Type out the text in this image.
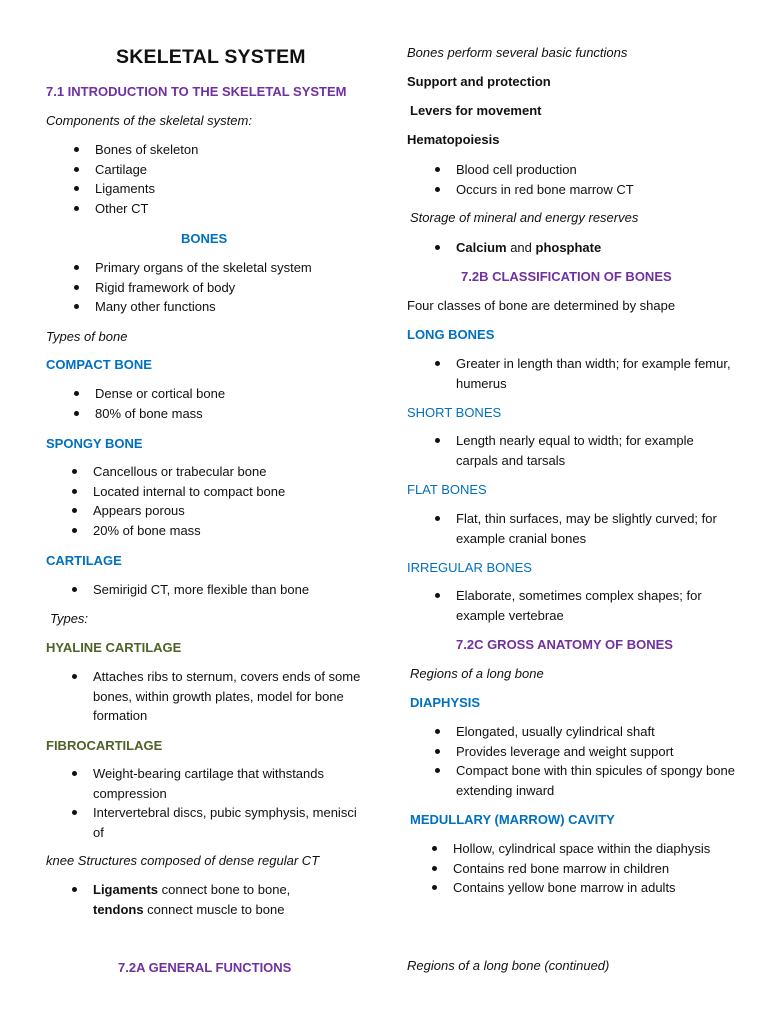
SKELETAL SYSTEM
7.1 INTRODUCTION TO THE SKELETAL SYSTEM
Components of the skeletal system:
Bones of skeleton
Cartilage
Ligaments
Other CT
BONES
Primary organs of the skeletal system
Rigid framework of body
Many other functions
Types of bone
COMPACT BONE
Dense or cortical bone
80% of bone mass
SPONGY BONE
Cancellous or trabecular bone
Located internal to compact bone
Appears porous
20% of bone mass
CARTILAGE
Semirigid CT, more flexible than bone
Types:
HYALINE CARTILAGE
Attaches ribs to sternum, covers ends of some bones, within growth plates, model for bone formation
FIBROCARTILAGE
Weight-bearing cartilage that withstands compression
Intervertebral discs, pubic symphysis, menisci of
knee Structures composed of dense regular CT
Ligaments connect bone to bone,
tendons connect muscle to bone
7.2A GENERAL FUNCTIONS
Bones perform several basic functions
Support and protection
Levers for movement
Hematopoiesis
Blood cell production
Occurs in red bone marrow CT
Storage of mineral and energy reserves
Calcium and phosphate
7.2B CLASSIFICATION OF BONES
Four classes of bone are determined by shape
LONG BONES
Greater in length than width; for example femur, humerus
SHORT BONES
Length nearly equal to width; for example carpals and tarsals
FLAT BONES
Flat, thin surfaces, may be slightly curved; for example cranial bones
IRREGULAR BONES
Elaborate, sometimes complex shapes; for example vertebrae
7.2C GROSS ANATOMY OF BONES
Regions of a long bone
DIAPHYSIS
Elongated, usually cylindrical shaft
Provides leverage and weight support
Compact bone with thin spicules of spongy bone extending inward
MEDULLARY (MARROW) CAVITY
Hollow, cylindrical space within the diaphysis
Contains red bone marrow in children
Contains yellow bone marrow in adults
Regions of a long bone (continued)
